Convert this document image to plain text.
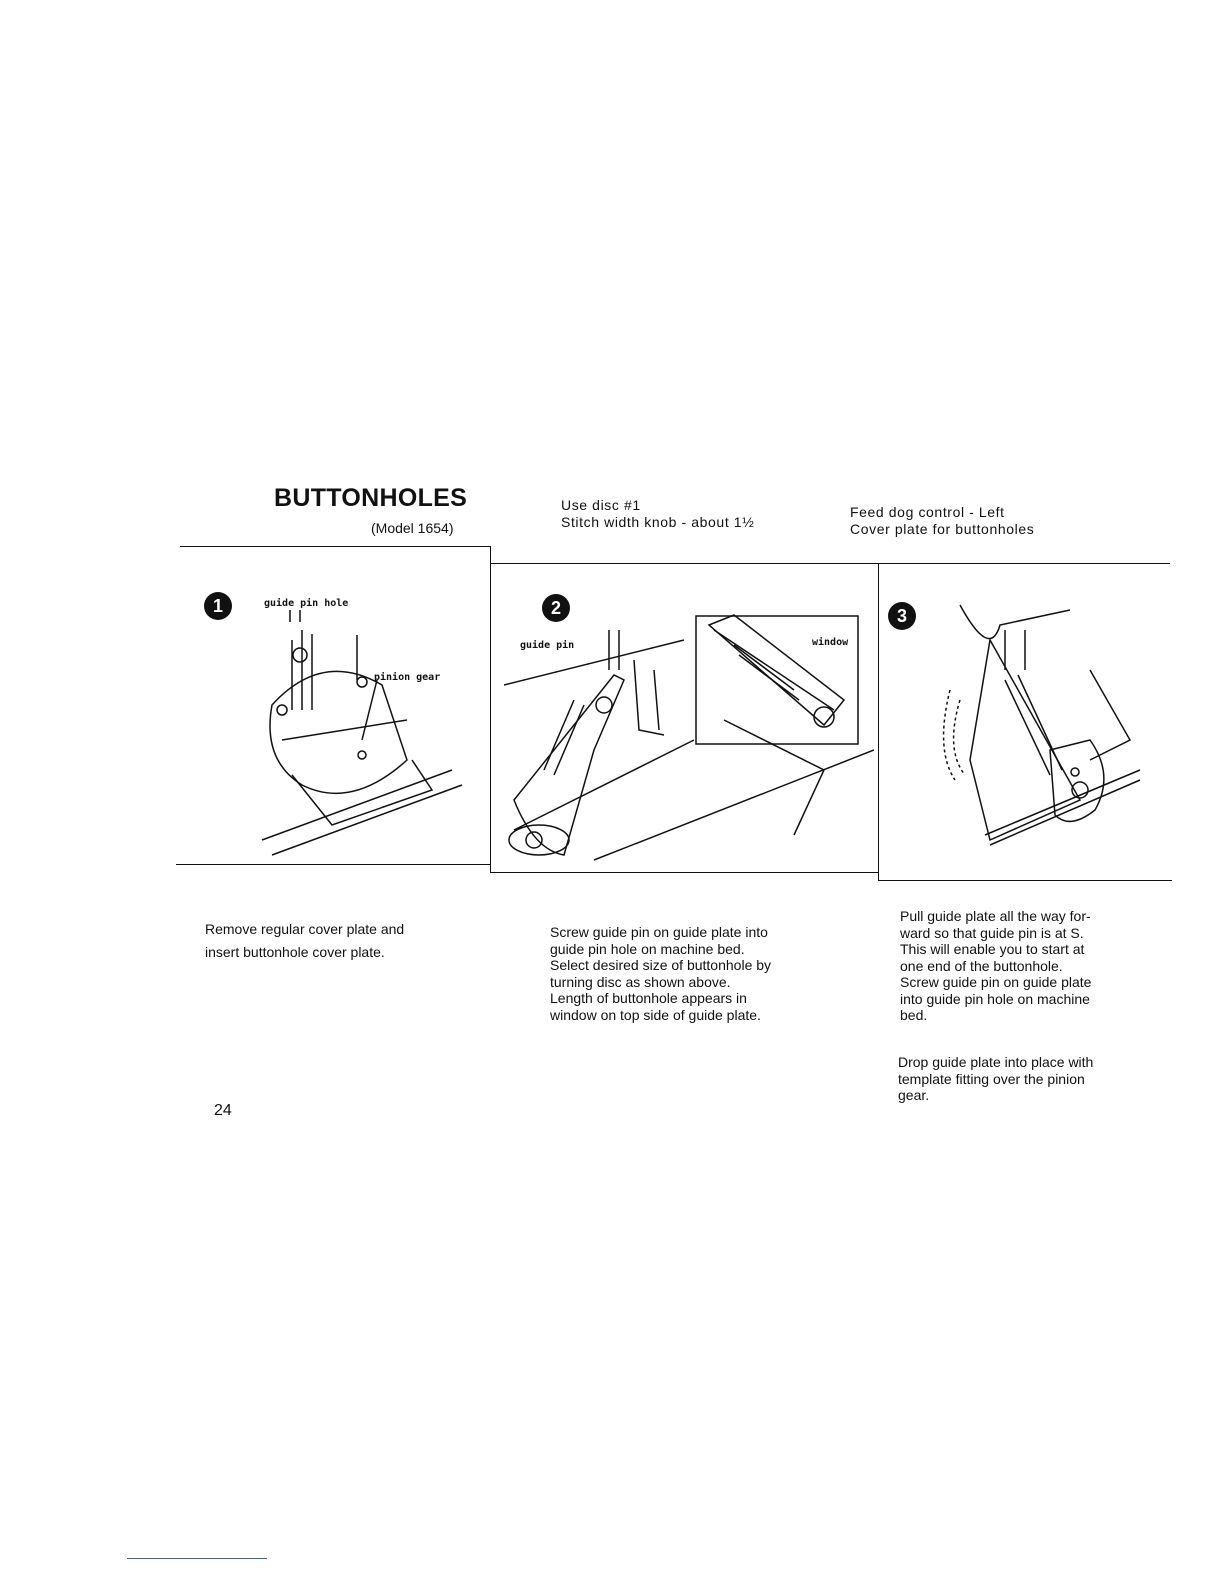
BUTTONHOLES
(Model 1654)
Use disc #1
Stitch width knob - about 1½
Feed dog control - Left
Cover plate for buttonholes
1	guide pin hole
pinion gear
2
guide pin	window
3
Remove regular cover plate and
insert buttonhole cover plate.
Screw guide pin on guide plate into
guide pin hole on machine bed.
Select desired size of buttonhole by
turning disc as shown above.
Length of buttonhole appears in
window on top side of guide plate.
Pull guide plate all the way for-
ward so that guide pin is at S.
This will enable you to start at
one end of the buttonhole.
Screw guide pin on guide plate
into guide pin hole on machine
bed.
Drop guide plate into place with
template fitting over the pinion
gear.
24
